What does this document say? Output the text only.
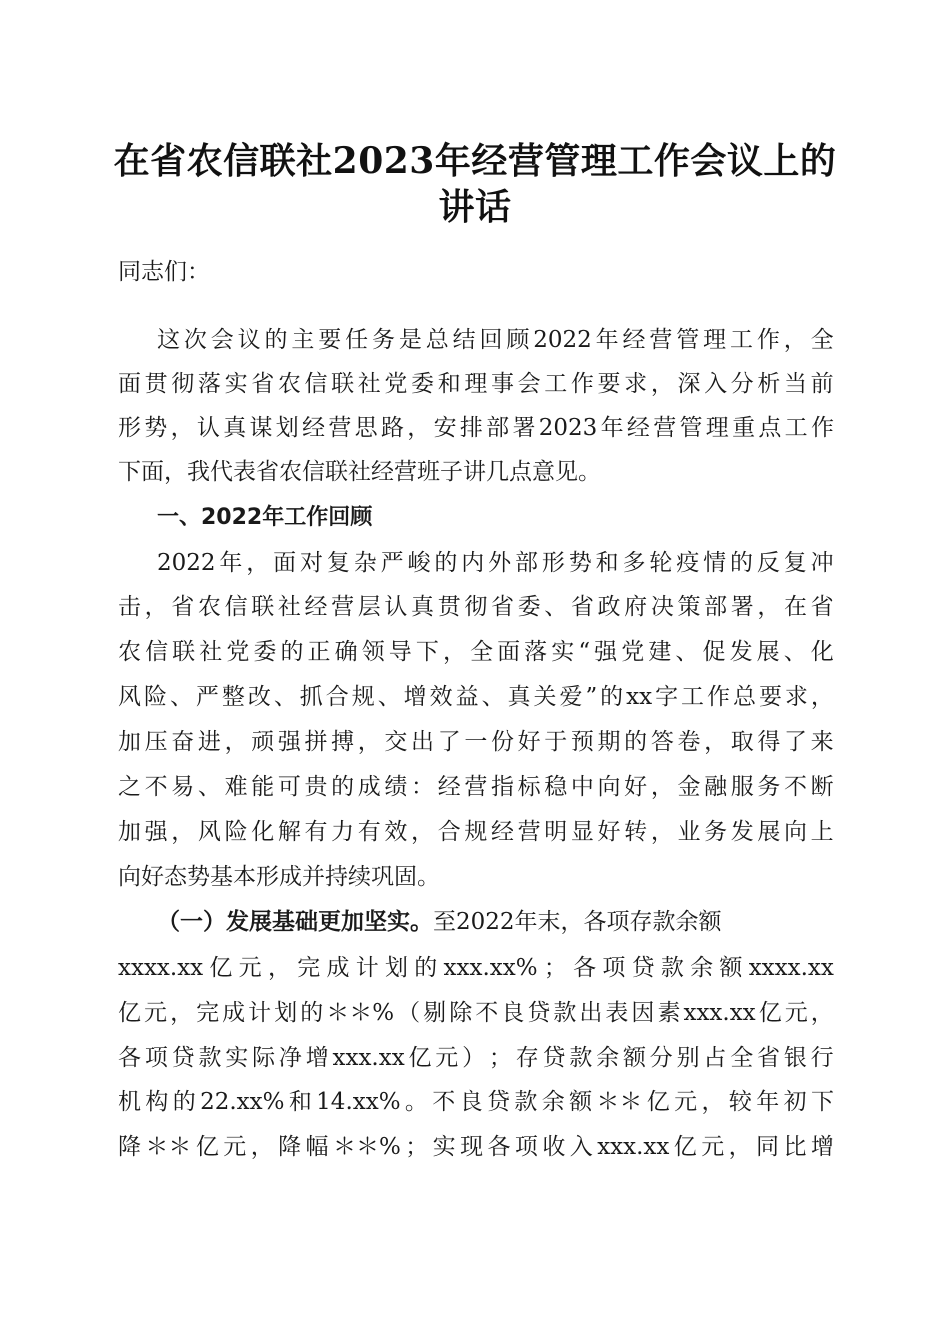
在省农信联社2023年经营管理工作会议上的
讲话
同志们：
这 次 会 议 的 主 要 任 务 是 总 结 回 顾 2022 年 经 营 管 理 工 作 ， 全
面 贯 彻 落 实 省 农 信 联 社 党 委 和 理 事 会 工 作 要 求 ， 深 入 分 析 当 前
形 势 ， 认 真 谋 划 经 营 思 路 ， 安 排 部 署 2023 年 经 营 管 理 重 点 工 作
下面，我代表省农信联社经营班子讲几点意见。
一、2022年工作回顾
2022 年 ， 面 对 复 杂 严 峻 的 内 外 部 形 势 和 多 轮 疫 情 的 反 复 冲
击 ， 省 农 信 联 社 经 营 层 认 真 贯 彻 省 委 、 省 政 府 决 策 部 署 ， 在 省
农 信 联 社 党 委 的 正 确 领 导 下 ， 全 面 落 实 “ 强 党 建 、 促 发 展 、 化
风 险 、 严 整 改 、 抓 合 规 、 增 效 益 、 真 关 爱 ” 的 xx 字 工 作 总 要 求 ，
加 压 奋 进 ， 顽 强 拼 搏 ， 交 出 了 一 份 好 于 预 期 的 答 卷 ， 取 得 了 来
之 不 易 、 难 能 可 贵 的 成 绩 ： 经 营 指 标 稳 中 向 好 ， 金 融 服 务 不 断
加 强 ， 风 险 化 解 有 力 有 效 ， 合 规 经 营 明 显 好 转 ， 业 务 发 展 向 上
向好态势基本形成并持续巩固。
（一）发展基础更加坚实。 至2022年末，各项存款余额
xxxx.xx 亿 元 ， 完 成 计 划 的 xxx.xx% ； 各 项 贷 款 余 额 xxxx.xx
亿 元 ， 完 成 计 划 的 ＊＊% （ 剔 除 不 良 贷 款 出 表 因 素 xxx.xx 亿 元 ，
各 项 贷 款 实 际 净 增 xxx.xx 亿 元 ） ； 存 贷 款 余 额 分 别 占 全 省 银 行
机 构 的 22.xx% 和 14.xx% 。 不 良 贷 款 余 额 ＊＊ 亿 元 ， 较 年 初 下
降 ＊＊ 亿 元 ， 降 幅 ＊＊% ； 实 现 各 项 收 入 xxx.xx 亿 元 ， 同 比 增
